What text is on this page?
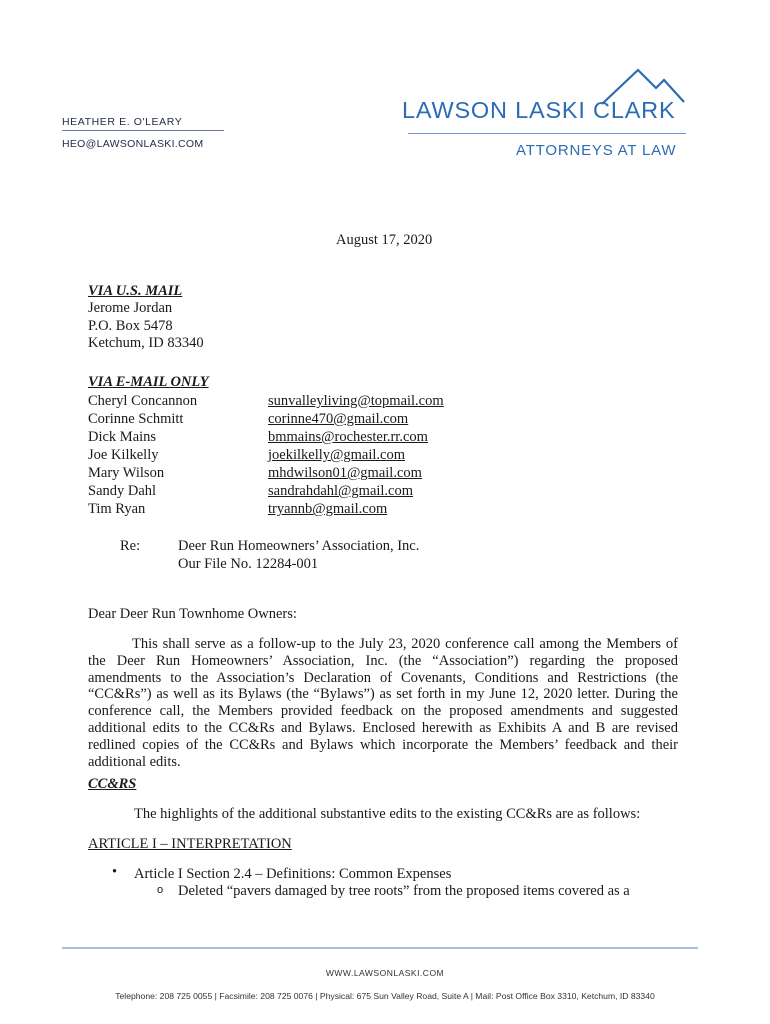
HEATHER E. O'LEARY
HEO@LAWSONLASKI.COM
LAWSON LASKI CLARK
ATTORNEYS AT LAW
August 17, 2020
VIA U.S. MAIL
Jerome Jordan
P.O. Box 5478
Ketchum, ID 83340
VIA E-MAIL ONLY
Cheryl Concannon
Corinne Schmitt
Dick Mains
Joe Kilkelly
Mary Wilson
Sandy Dahl
Tim Ryan
sunvalleyliving@topmail.com
corinne470@gmail.com
bmmains@rochester.rr.com
joekilkelly@gmail.com
mhdwilson01@gmail.com
sandrahdahl@gmail.com
tryannb@gmail.com
Re:	Deer Run Homeowners’ Association, Inc.
Our File No. 12284-001
Dear Deer Run Townhome Owners:
This shall serve as a follow-up to the July 23, 2020 conference call among the Members of the Deer Run Homeowners’ Association, Inc. (the “Association”) regarding the proposed amendments to the Association’s Declaration of Covenants, Conditions and Restrictions (the “CC&Rs”) as well as its Bylaws (the “Bylaws”) as set forth in my June 12, 2020 letter. During the conference call, the Members provided feedback on the proposed amendments and suggested additional edits to the CC&Rs and Bylaws. Enclosed herewith as Exhibits A and B are revised redlined copies of the CC&Rs and Bylaws which incorporate the Members’ feedback and their additional edits.
CC&RS
The highlights of the additional substantive edits to the existing CC&Rs are as follows:
ARTICLE I – INTERPRETATION
• Article I Section 2.4 – Definitions: Common Expenses
o Deleted “pavers damaged by tree roots” from the proposed items covered as a
WWW.LAWSONLASKI.COM
Telephone: 208 725 0055 | Facsimile: 208 725 0076 | Physical: 675 Sun Valley Road, Suite A | Mail: Post Office Box 3310, Ketchum, ID 83340
